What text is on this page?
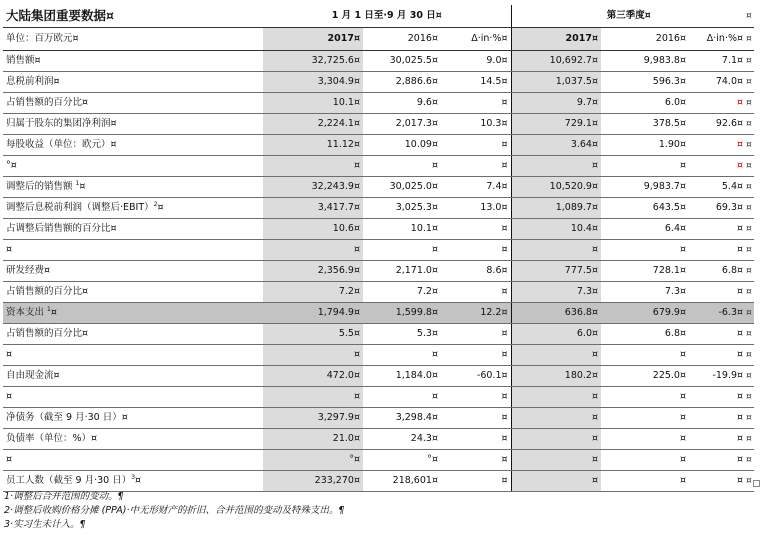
大陆集团重要数据¤	1 月 1 日至·9 月 30 日¤			第三季度¤			¤
单位：百万欧元¤	2017¤	2016¤	Δ·in·%¤	2017¤	2016¤	Δ·in·%¤	¤
销售额¤	32,725.6¤	30,025.5¤	9.0¤	10,692.7¤	9,983.8¤	7.1¤	¤
息税前利润¤	3,304.9¤	2,886.6¤	14.5¤	1,037.5¤	596.3¤	74.0¤	¤
占销售额的百分比¤	10.1¤	9.6¤	¤	9.7¤	6.0¤	¤	¤
归属于股东的集团净利润¤	2,224.1¤	2,017.3¤	10.3¤	729.1¤	378.5¤	92.6¤	¤
每股收益（单位：欧元）¤	11.12¤	10.09¤	¤	3.64¤	1.90¤	¤	¤
°¤	¤	¤	¤	¤	¤	¤	¤
调整后的销售额 $^1$¤	32,243.9¤	30,025.0¤	7.4¤	10,520.9¤	9,983.7¤	5.4¤	¤
调整后息税前利润（调整后·EBIT）$^2$¤	3,417.7¤	3,025.3¤	13.0¤	1,089.7¤	643.5¤	69.3¤	¤
占调整后销售额的百分比¤	10.6¤	10.1¤	¤	10.4¤	6.4¤	¤	¤
¤	¤	¤	¤	¤	¤	¤	¤
研发经费¤	2,356.9¤	2,171.0¤	8.6¤	777.5¤	728.1¤	6.8¤	¤
占销售额的百分比¤	7.2¤	7.2¤	¤	7.3¤	7.3¤	¤	¤
资本支出 $^1$¤	1,794.9¤	1,599.8¤	12.2¤	636.8¤	679.9¤	-6.3¤	¤
占销售额的百分比¤	5.5¤	5.3¤	¤	6.0¤	6.8¤	¤	¤
¤	¤	¤	¤	¤	¤	¤	¤
自由现金流¤	472.0¤	1,184.0¤	-60.1¤	180.2¤	225.0¤	-19.9¤	¤
¤	¤	¤	¤	¤	¤	¤	¤
净债务（截至 9 月·30 日）¤	3,297.9¤	3,298.4¤	¤	¤	¤	¤	¤
负债率（单位：%）¤	21.0¤	24.3¤	¤	¤	¤	¤	¤
¤	°¤	°¤	¤	¤	¤	¤	¤
员工人数（截至 9 月·30 日）$^3$¤	233,270¤	218,601¤	¤	¤	¤	¤	¤
1·调整后合并范围的变动。¶
2·调整后收购价格分摊 (PPA)·中无形财产的折旧、合并范围的变动及特殊支出。¶
3·实习生未计入。¶
